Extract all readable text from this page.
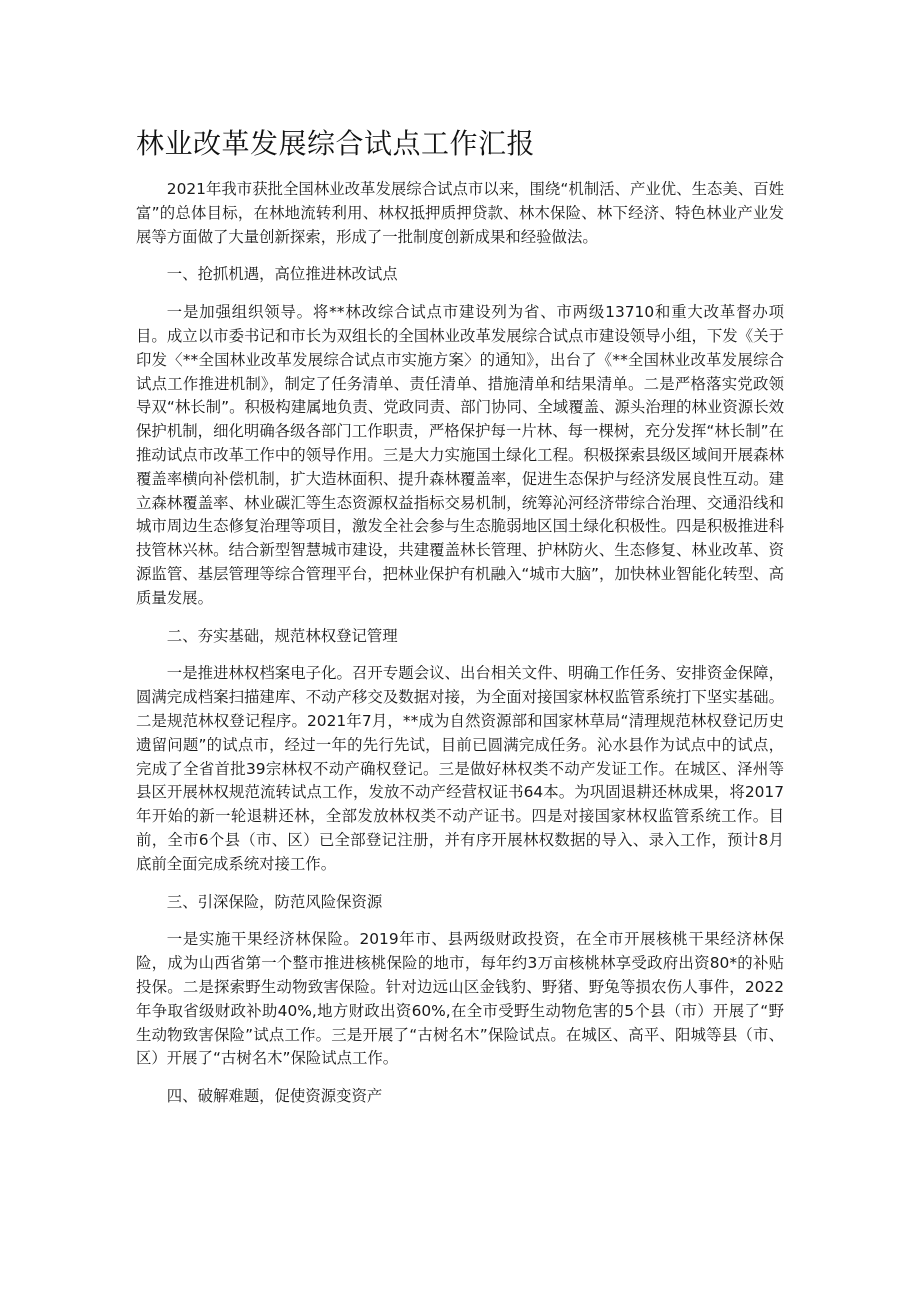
林业改革发展综合试点工作汇报

2021年我市获批全国林业改革发展综合试点市以来，围绕“机制活、产业优、生态美、百姓富”的总体目标，在林地流转利用、林权抵押质押贷款、林木保险、林下经济、特色林业产业发展等方面做了大量创新探索，形成了一批制度创新成果和经验做法。

一、抢抓机遇，高位推进林改试点

一是加强组织领导。将**林改综合试点市建设列为省、市两级13710和重大改革督办项目。成立以市委书记和市长为双组长的全国林业改革发展综合试点市建设领导小组，下发《关于印发〈**全国林业改革发展综合试点市实施方案〉的通知》，出台了《**全国林业改革发展综合试点工作推进机制》，制定了任务清单、责任清单、措施清单和结果清单。二是严格落实党政领导双“林长制”。积极构建属地负责、党政同责、部门协同、全域覆盖、源头治理的林业资源长效保护机制，细化明确各级各部门工作职责，严格保护每一片林、每一棵树，充分发挥“林长制”在推动试点市改革工作中的领导作用。三是大力实施国土绿化工程。积极探索县级区域间开展森林覆盖率横向补偿机制，扩大造林面积、提升森林覆盖率，促进生态保护与经济发展良性互动。建立森林覆盖率、林业碳汇等生态资源权益指标交易机制，统筹沁河经济带综合治理、交通沿线和城市周边生态修复治理等项目，激发全社会参与生态脆弱地区国土绿化积极性。四是积极推进科技管林兴林。结合新型智慧城市建设，共建覆盖林长管理、护林防火、生态修复、林业改革、资源监管、基层管理等综合管理平台，把林业保护有机融入“城市大脑”，加快林业智能化转型、高质量发展。

二、夯实基础，规范林权登记管理

一是推进林权档案电子化。召开专题会议、出台相关文件、明确工作任务、安排资金保障，圆满完成档案扫描建库、不动产移交及数据对接，为全面对接国家林权监管系统打下坚实基础。二是规范林权登记程序。2021年7月，**成为自然资源部和国家林草局“清理规范林权登记历史遗留问题”的试点市，经过一年的先行先试，目前已圆满完成任务。沁水县作为试点中的试点，完成了全省首批39宗林权不动产确权登记。三是做好林权类不动产发证工作。在城区、泽州等县区开展林权规范流转试点工作，发放不动产经营权证书64本。为巩固退耕还林成果，将2017年开始的新一轮退耕还林，全部发放林权类不动产证书。四是对接国家林权监管系统工作。目前，全市6个县（市、区）已全部登记注册，并有序开展林权数据的导入、录入工作，预计8月底前全面完成系统对接工作。

三、引深保险，防范风险保资源

一是实施干果经济林保险。2019年市、县两级财政投资，在全市开展核桃干果经济林保险，成为山西省第一个整市推进核桃保险的地市，每年约3万亩核桃林享受政府出资80*的补贴投保。二是探索野生动物致害保险。针对边远山区金钱豹、野猪、野兔等损农伤人事件，2022年争取省级财政补助40%,地方财政出资60%,在全市受野生动物危害的5个县（市）开展了“野生动物致害保险”试点工作。三是开展了“古树名木”保险试点。在城区、高平、阳城等县（市、区）开展了“古树名木”保险试点工作。

四、破解难题，促使资源变资产
